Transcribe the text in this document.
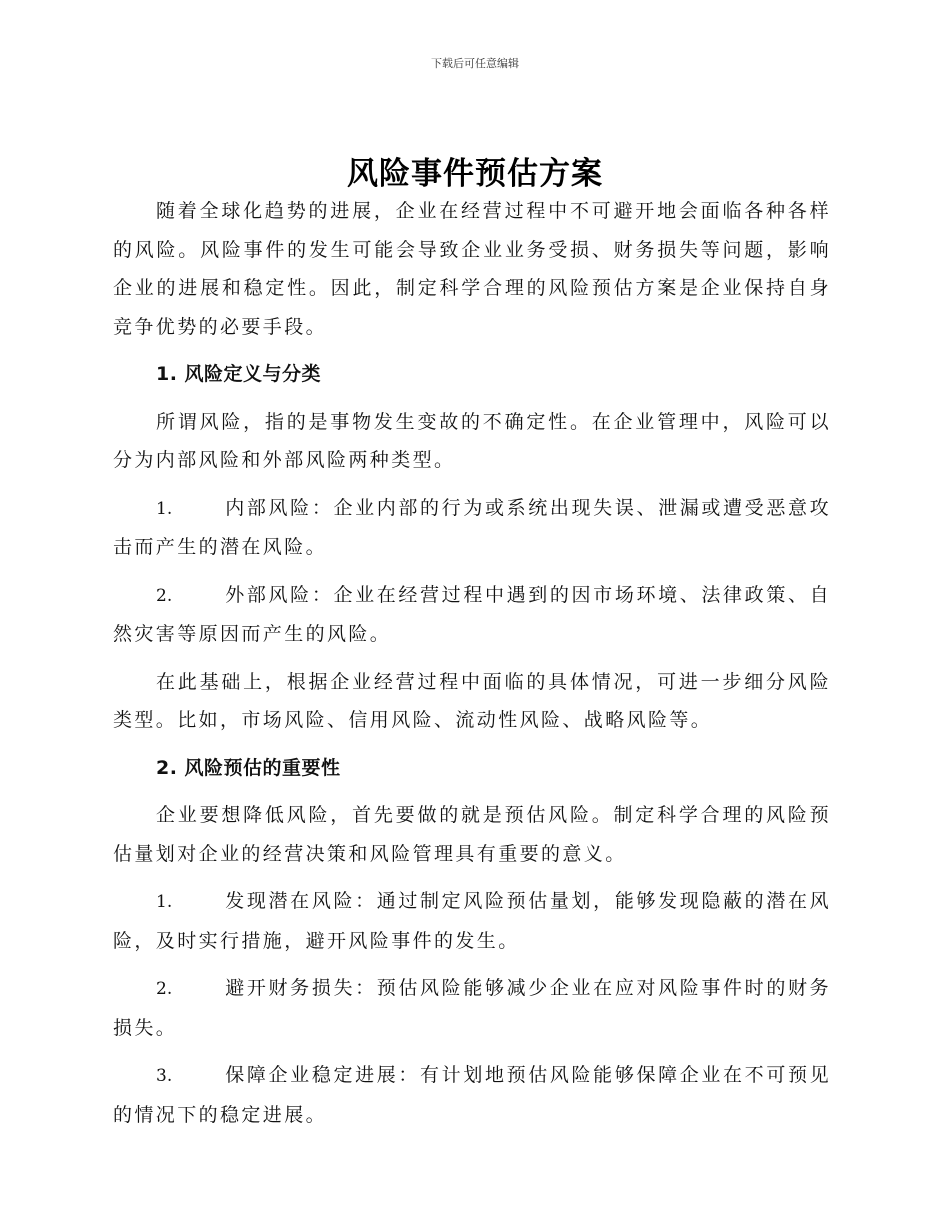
下载后可任意编辑
风险事件预估方案

随着全球化趋势的进展，企业在经营过程中不可避开地会面临各种各样的风险。风险事件的发生可能会导致企业业务受损、财务损失等问题，影响企业的进展和稳定性。因此，制定科学合理的风险预估方案是企业保持自身竞争优势的必要手段。

1. 风险定义与分类

所谓风险，指的是事物发生变故的不确定性。在企业管理中，风险可以分为内部风险和外部风险两种类型。

1.	内部风险：企业内部的行为或系统出现失误、泄漏或遭受恶意攻击而产生的潜在风险。

2.	外部风险：企业在经营过程中遇到的因市场环境、法律政策、自然灾害等原因而产生的风险。

在此基础上，根据企业经营过程中面临的具体情况，可进一步细分风险类型。比如，市场风险、信用风险、流动性风险、战略风险等。

2. 风险预估的重要性

企业要想降低风险，首先要做的就是预估风险。制定科学合理的风险预估量划对企业的经营决策和风险管理具有重要的意义。

1.	发现潜在风险：通过制定风险预估量划，能够发现隐蔽的潜在风险，及时实行措施，避开风险事件的发生。

2.	避开财务损失：预估风险能够减少企业在应对风险事件时的财务损失。

3.	保障企业稳定进展：有计划地预估风险能够保障企业在不可预见的情况下的稳定进展。
